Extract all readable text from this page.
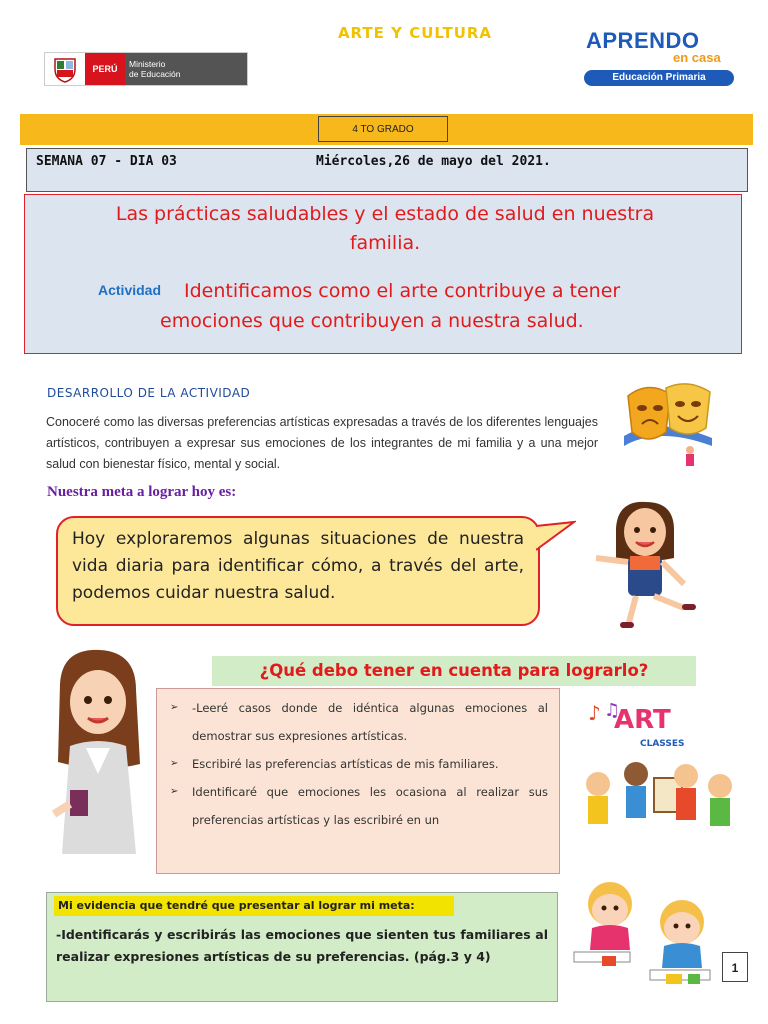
ARTE Y CULTURA
PERÚ	Ministerio
de Educación
APRENDO
en casa
Educación Primaria
4 TO GRADO
SEMANA 07 - DIA 03	Miércoles,26 de mayo del 2021.
Las prácticas saludables y el estado de salud en nuestra
familia.
Actividad	Identificamos como el arte contribuye a tener
emociones que contribuyen a nuestra salud.
DESARROLLO DE LA ACTIVIDAD
Conoceré como las diversas preferencias artísticas expresadas a través de los diferentes lenguajes artísticos, contribuyen a expresar sus emociones de los integrantes de mi familia y a una mejor salud con bienestar físico, mental y social.
Nuestra meta a lograr hoy es:
Hoy exploraremos algunas situaciones de nuestra vida diaria para identificar cómo, a través del arte, podemos cuidar nuestra salud.
¿Qué debo tener en cuenta para lograrlo?
➢ -Leeré casos donde de idéntica algunas emociones al demostrar sus expresiones artísticas.
➢ Escribiré las preferencias artísticas de mis familiares.
➢ Identificaré que emociones les ocasiona al realizar sus preferencias artísticas y las escribiré en un
ART
CLASSES
♪ ♫
Mi evidencia que tendré que presentar al lograr mi meta:
-Identificarás y escribirás las emociones que sienten tus familiares al realizar expresiones artísticas de su preferencias. (pág.3 y 4)
1
